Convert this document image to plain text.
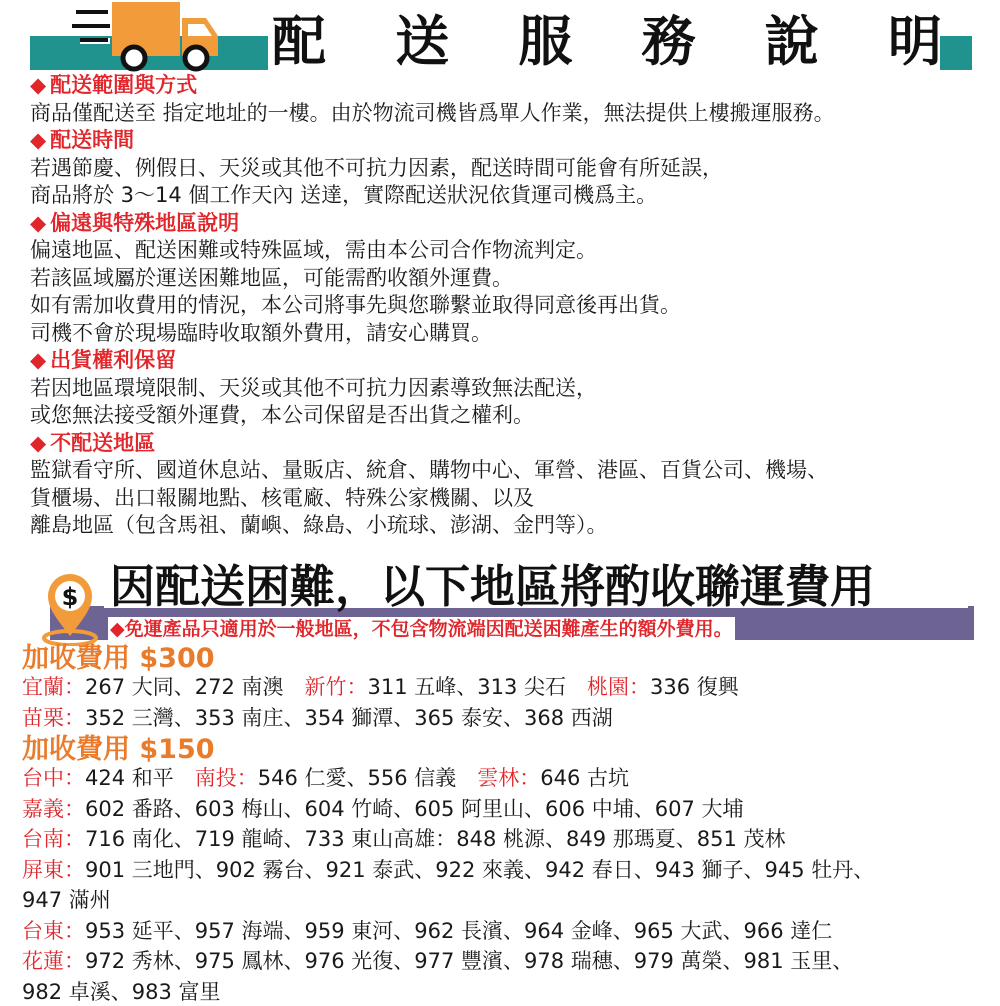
配 送 服 務 說 明
◆ 配送範圍與方式
商品僅配送至 指定地址的一樓。由於物流司機皆爲單人作業，無法提供上樓搬運服務。
◆ 配送時間
若遇節慶、例假日、天災或其他不可抗力因素，配送時間可能會有所延誤，
商品將於 3～14 個工作天內 送達，實際配送狀況依貨運司機爲主。
◆ 偏遠與特殊地區說明
偏遠地區、配送困難或特殊區域，需由本公司合作物流判定。
若該區域屬於運送困難地區，可能需酌收額外運費。
如有需加收費用的情況，本公司將事先與您聯繫並取得同意後再出貨。
司機不會於現場臨時收取額外費用，請安心購買。
◆ 出貨權利保留
若因地區環境限制、天災或其他不可抗力因素導致無法配送，
或您無法接受額外運費，本公司保留是否出貨之權利。
◆ 不配送地區
監獄看守所、國道休息站、量販店、統倉、購物中心、軍營、港區、百貨公司、機場、
貨櫃場、出口報關地點、核電廠、特殊公家機關、以及
離島地區（包含馬祖、蘭嶼、綠島、小琉球、澎湖、金門等）。
$ 因配送困難，以下地區將酌收聯運費用
◆免運產品只適用於一般地區，不包含物流端因配送困難產生的額外費用。
加收費用 $300
宜蘭：267 大同、272 南澳　新竹：311 五峰、313 尖石　桃園：336 復興
苗栗：352 三灣、353 南庄、354 獅潭、365 泰安、368 西湖
加收費用 $150
台中：424 和平　南投：546 仁愛、556 信義　雲林：646 古坑
嘉義：602 番路、603 梅山、604 竹崎、605 阿里山、606 中埔、607 大埔
台南：716 南化、719 龍崎、733 東山高雄：848 桃源、849 那瑪夏、851 茂林
屏東：901 三地門、902 霧台、921 泰武、922 來義、942 春日、943 獅子、945 牡丹、
947 滿州
台東：953 延平、957 海端、959 東河、962 長濱、964 金峰、965 大武、966 達仁
花蓮：972 秀林、975 鳳林、976 光復、977 豐濱、978 瑞穗、979 萬榮、981 玉里、
982 卓溪、983 富里
